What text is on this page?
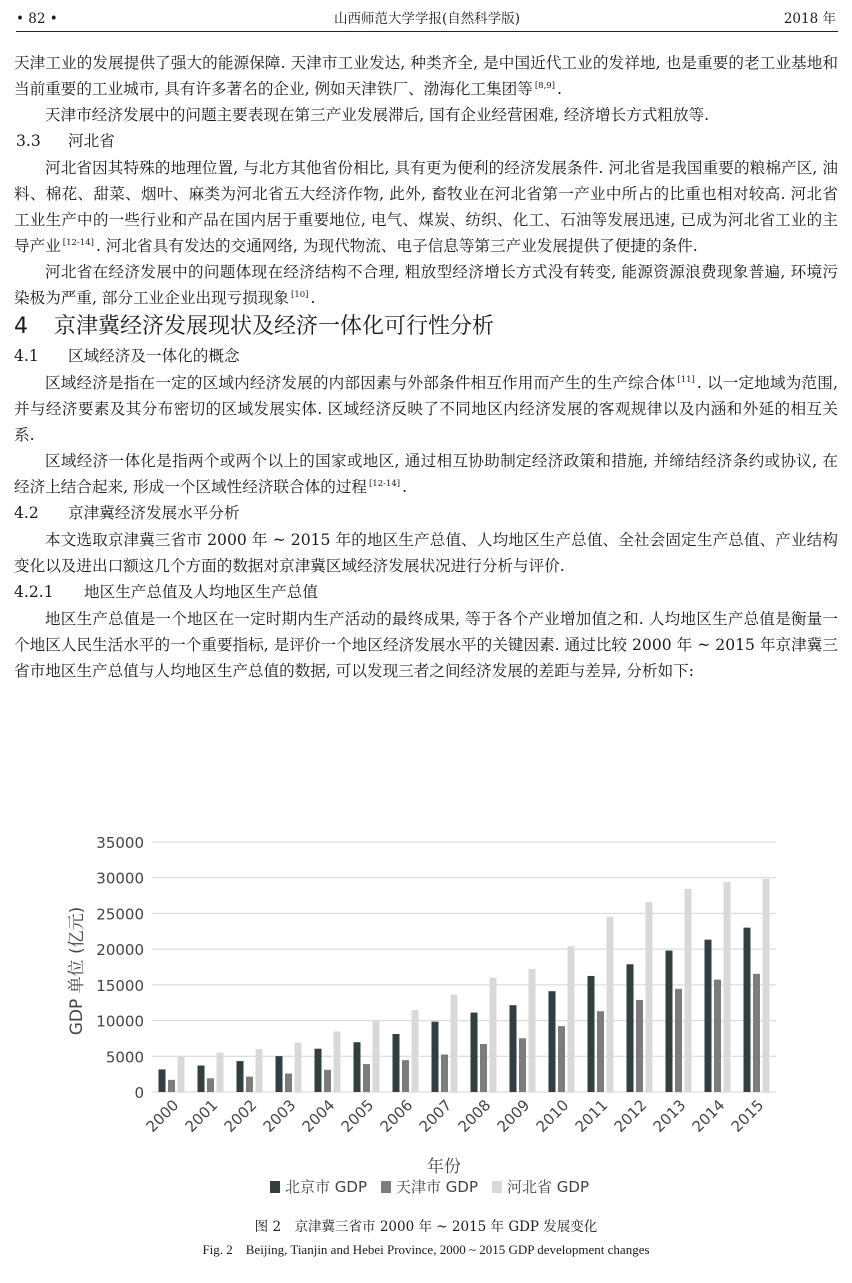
• 82 •	山西师范大学学报(自然科学版)	2018 年

天津工业的发展提供了强大的能源保障. 天津市工业发达, 种类齐全, 是中国近代工业的发祥地, 也是重要的老工业基地和当前重要的工业城市, 具有许多著名的企业, 例如天津铁厂、渤海化工集团等 [8,9] .

天津市经济发展中的问题主要表现在第三产业发展滞后, 国有企业经营困难, 经济增长方式粗放等.

3.3 河北省

河北省因其特殊的地理位置, 与北方其他省份相比, 具有更为便利的经济发展条件. 河北省是我国重要的粮棉产区, 油料、棉花、甜菜、烟叶、麻类为河北省五大经济作物, 此外, 畜牧业在河北省第一产业中所占的比重也相对较高. 河北省工业生产中的一些行业和产品在国内居于重要地位, 电气、煤炭、纺织、化工、石油等发展迅速, 已成为河北省工业的主导产业 [12-14] . 河北省具有发达的交通网络, 为现代物流、电子信息等第三产业发展提供了便捷的条件.

河北省在经济发展中的问题体现在经济结构不合理, 粗放型经济增长方式没有转变, 能源资源浪费现象普遍, 环境污染极为严重, 部分工业企业出现亏损现象 [10] .

4 京津冀经济发展现状及经济一体化可行性分析

4.1 区域经济及一体化的概念

区域经济是指在一定的区域内经济发展的内部因素与外部条件相互作用而产生的生产综合体 [11] . 以一定地域为范围, 并与经济要素及其分布密切的区域发展实体. 区域经济反映了不同地区内经济发展的客观规律以及内涵和外延的相互关系.

区域经济一体化是指两个或两个以上的国家或地区, 通过相互协助制定经济政策和措施, 并缔结经济条约或协议, 在经济上结合起来, 形成一个区域性经济联合体的过程 [12-14] .

4.2 京津冀经济发展水平分析

本文选取京津冀三省市 2000 年 ~ 2015 年的地区生产总值、人均地区生产总值、全社会固定生产总值、产业结构变化以及进出口额这几个方面的数据对京津冀区域经济发展状况进行分析与评价.

4.2.1 地区生产总值及人均地区生产总值

地区生产总值是一个地区在一定时期内生产活动的最终成果, 等于各个产业增加值之和. 人均地区生产总值是衡量一个地区人民生活水平的一个重要指标, 是评价一个地区经济发展水平的关键因素. 通过比较 2000 年 ~ 2015 年京津冀三省市地区生产总值与人均地区生产总值的数据, 可以发现三者之间经济发展的差距与差异, 分析如下:

0
5000
10000
15000
20000
25000
30000
35000
GDP 单位 (亿元)
2000 2001 2002 2003 2004 2005 2006 2007 2008 2009 2010 2011 2012 2013 2014 2015
年份
北京市 GDP 天津市 GDP 河北省 GDP
图 2　京津冀三省市 2000 年 ~ 2015 年 GDP 发展变化
Fig. 2　Beijing, Tianjin and Hebei Province, 2000 ~ 2015 GDP development changes
